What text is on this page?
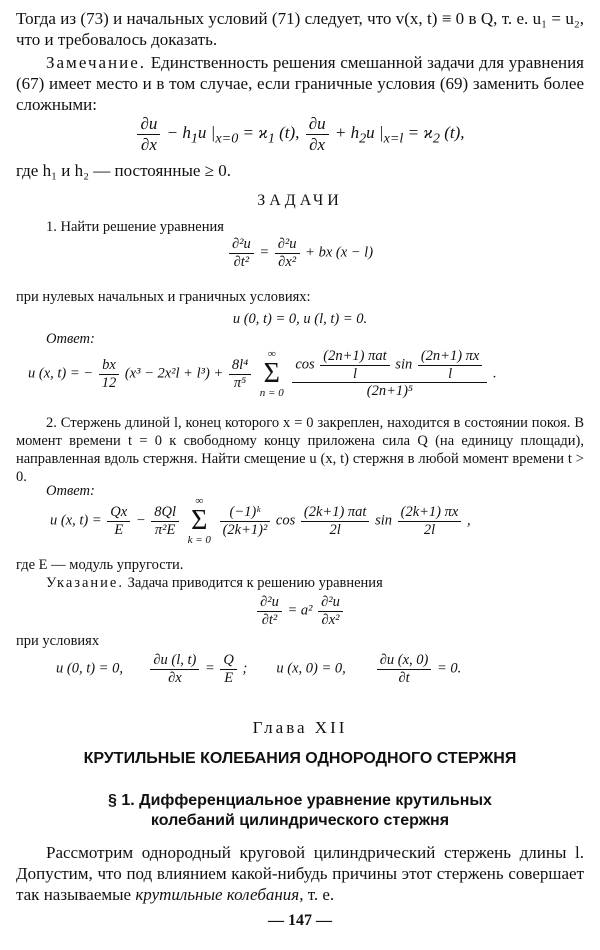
Тогда из (73) и начальных условий (71) следует, что v(x, t) ≡ 0 в Q, т. е. u₁ = u₂, что и требовалось доказать.

Замечание. Единственность решения смешанной задачи для уравнения (67) имеет место и в том случае, если граничные условия (69) заменить более сложными:

$\frac{\partial u}{\partial x} - h_1u$ $|_{x=0} = ϰ_1$ (t), $\frac{\partial u}{\partial x} + h_2u$ $|_{x=l} = ϰ_2$ (t),

где h₁ и h₂ — постоянные ≥ 0.

ЗАДАЧИ

1. Найти решение уравнения

$\frac{\text{∂²u}}{\text{∂t²}} = \frac{\text{∂²u}}{\text{∂x²}}$ + bx (x − l)

при нулевых начальных и граничных условиях:

u (0, t) = 0, u (l, t) = 0.

Ответ:

u (x, t) = − $\frac{bx}{12} (x^3 - 2x^2l + l^3) + \frac{\text{8l⁴}}{\text{π⁵}}$

∞
Σ
n = 0
$\frac{\cos \frac{\text{(2n+1) πat}}{l} \sin \frac{(2n+1) \pi x}{l}}{\text{(2n+1)⁵}}$ .

2. Стержень длиной l, конец которого x = 0 закреплен, находится в состоянии покоя. В момент времени t = 0 к свободному концу приложена сила Q (на единицу площади), направленная вдоль стержня. Найти смещение u (x, t) стержня в любой момент времени t > 0.

Ответ:

u (x, $t) = \frac{Qx}{E} - \frac{8Ql}{\text{π²E}}$

∞
Σ
k = 0

$\frac{\text{(−1)ᵏ}}{\text{(2k+1)²}}$ $\cos \frac{\text{(2k+1) πat}}{2l}$ $\sin \frac{(2k+1) \pi x}{2l}$ ,

где E — модуль упругости.

Указание. Задача приводится к решению уравнения

$\frac{\text{∂²u}}{\text{∂t²}} = a^2 \frac{\text{∂²u}}{\text{∂x²}}$

при условиях

u (0, t) = 0, $\frac{\partial u (l, t)}{\partial x} = \frac{Q}{E}$ ;        u (x, 0) = 0, $\frac{\partial u (x, 0)}{\partial t} = 0$.
Глава XII
КРУТИЛЬНЫЕ КОЛЕБАНИЯ ОДНОРОДНОГО СТЕРЖНЯ
§ 1. Дифференциальное уравнение крутильных
колебаний цилиндрического стержня

Рассмотрим однородный круговой цилиндрический стержень длины l. Допустим, что под влиянием какой-нибудь причины этот стержень совершает так называемые крутильные колебания, т. е.

— 147 —
